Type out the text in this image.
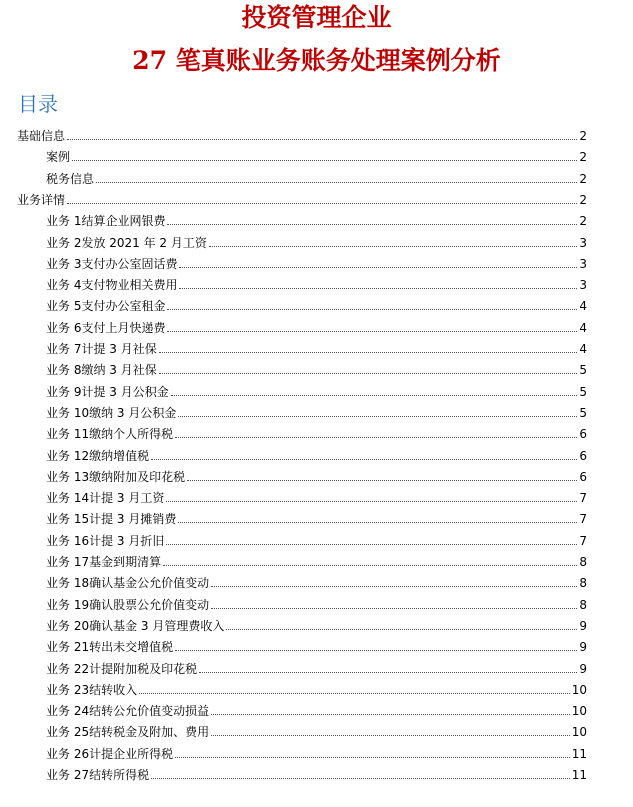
投资管理企业
27 笔真账业务账务处理案例分析
目录
基础信息	2
案例	2
税务信息	2
业务详情	2
业务 1结算企业网银费	2
业务 2发放 2021 年 2 月工资	3
业务 3支付办公室固话费	3
业务 4支付物业相关费用	3
业务 5支付办公室租金	4
业务 6支付上月快递费	4
业务 7计提 3 月社保	4
业务 8缴纳 3 月社保	5
业务 9计提 3 月公积金	5
业务 10缴纳 3 月公积金	5
业务 11缴纳个人所得税	6
业务 12缴纳增值税	6
业务 13缴纳附加及印花税	6
业务 14计提 3 月工资	7
业务 15计提 3 月摊销费	7
业务 16计提 3 月折旧	7
业务 17基金到期清算	8
业务 18确认基金公允价值变动	8
业务 19确认股票公允价值变动	8
业务 20确认基金 3 月管理费收入	9
业务 21转出未交增值税	9
业务 22计提附加税及印花税	9
业务 23结转收入	10
业务 24结转公允价值变动损益	10
业务 25结转税金及附加、费用	10
业务 26计提企业所得税	11
业务 27结转所得税	11
